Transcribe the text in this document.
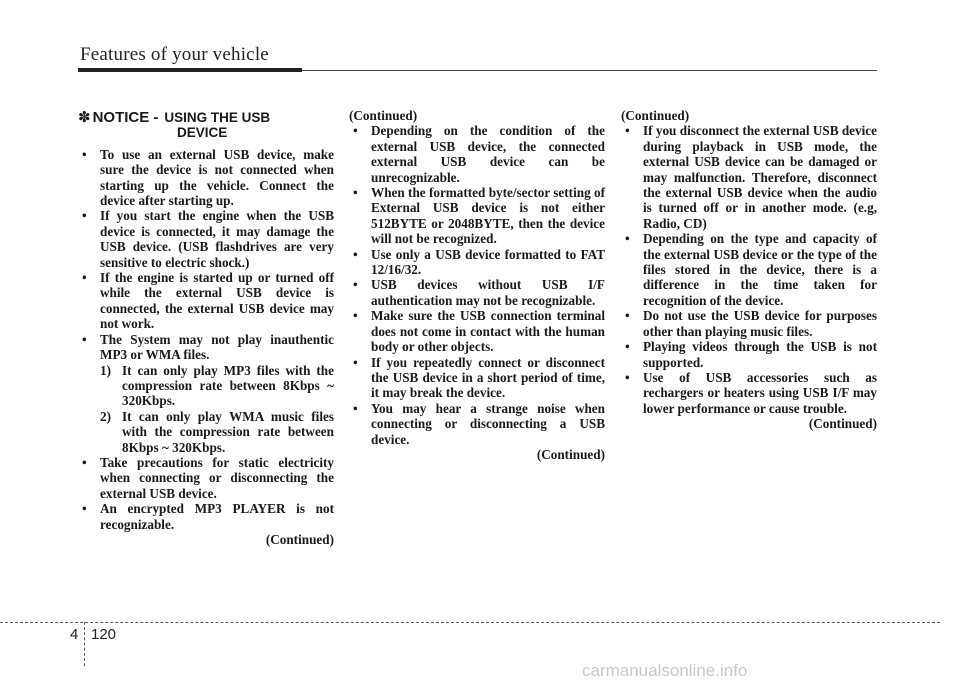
Features of your vehicle
✽ NOTICE - USING THE USB
DEVICE
• To use an external USB device, make sure the device is not connected when starting up the vehicle. Connect the device after starting up.
• If you start the engine when the USB device is connected, it may damage the USB device. (USB flashdrives are very sensitive to electric shock.)
• If the engine is started up or turned off while the external USB device is connected, the external USB device may not work.
• The System may not play inauthentic MP3 or WMA files.
1) It can only play MP3 files with the compression rate between 8Kbps ~ 320Kbps.
2) It can only play WMA music files with the compression rate between 8Kbps ~ 320Kbps.
• Take precautions for static electricity when connecting or disconnecting the external USB device.
• An encrypted MP3 PLAYER is not recognizable.

(Continued)

(Continued)

• Depending on the condition of the external USB device, the connected external USB device can be unrecognizable.
• When the formatted byte/sector setting of External USB device is not either 512BYTE or 2048BYTE, then the device will not be recognized.
• Use only a USB device formatted to FAT 12/16/32.
• USB devices without USB I/F authentication may not be recognizable.
• Make sure the USB connection terminal does not come in contact with the human body or other objects.
• If you repeatedly connect or disconnect the USB device in a short period of time, it may break the device.
• You may hear a strange noise when connecting or disconnecting a USB device.

(Continued)

(Continued)

• If you disconnect the external USB device during playback in USB mode, the external USB device can be damaged or may malfunction. Therefore, disconnect the external USB device when the audio is turned off or in another mode. (e.g, Radio, CD)
• Depending on the type and capacity of the external USB device or the type of the files stored in the device, there is a difference in the time taken for recognition of the device.
• Do not use the USB device for purposes other than playing music files.
• Playing videos through the USB is not supported.
• Use of USB accessories such as rechargers or heaters using USB I/F may lower performance or cause trouble.

(Continued)

4 120
carmanualsonline.info
